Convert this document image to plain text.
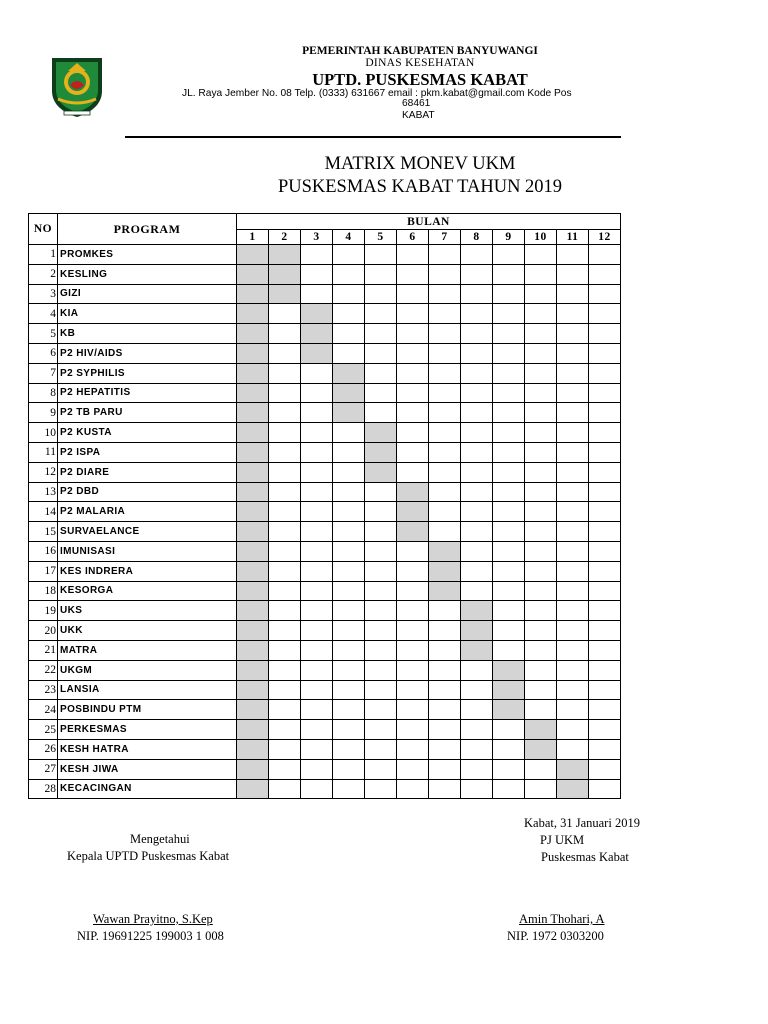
PEMERINTAH KABUPATEN BANYUWANGI
DINAS KESEHATAN
UPTD. PUSKESMAS KABAT
JL. Raya Jember No. 08 Telp. (0333) 631667 email : pkm.kabat@gmail.com Kode Pos
68461
KABAT
MATRIX MONEV UKM
PUSKESMAS KABAT TAHUN 2019
NO	PROGRAM	BULAN											
		1	2	3	4	5	6	7	8	9	10	11	12
1	PROMKES												
2	KESLING												
3	GIZI												
4	KIA												
5	KB												
6	P2 HIV/AIDS												
7	P2 SYPHILIS												
8	P2 HEPATITIS												
9	P2 TB PARU												
10	P2 KUSTA												
11	P2 ISPA												
12	P2 DIARE												
13	P2 DBD												
14	P2 MALARIA												
15	SURVAELANCE												
16	IMUNISASI												
17	KES INDRERA												
18	KESORGA												
19	UKS												
20	UKK												
21	MATRA												
22	UKGM												
23	LANSIA												
24	POSBINDU PTM												
25	PERKESMAS												
26	KESH HATRA												
27	KESH JIWA												
28	KECACINGAN												
Mengetahui
Kepala UPTD Puskesmas Kabat
Wawan Prayitno, S.Kep
NIP. 19691225 199003 1 008
Kabat, 31 Januari 2019
PJ UKM
Puskesmas Kabat
Amin Thohari, A
NIP. 1972 0303200
